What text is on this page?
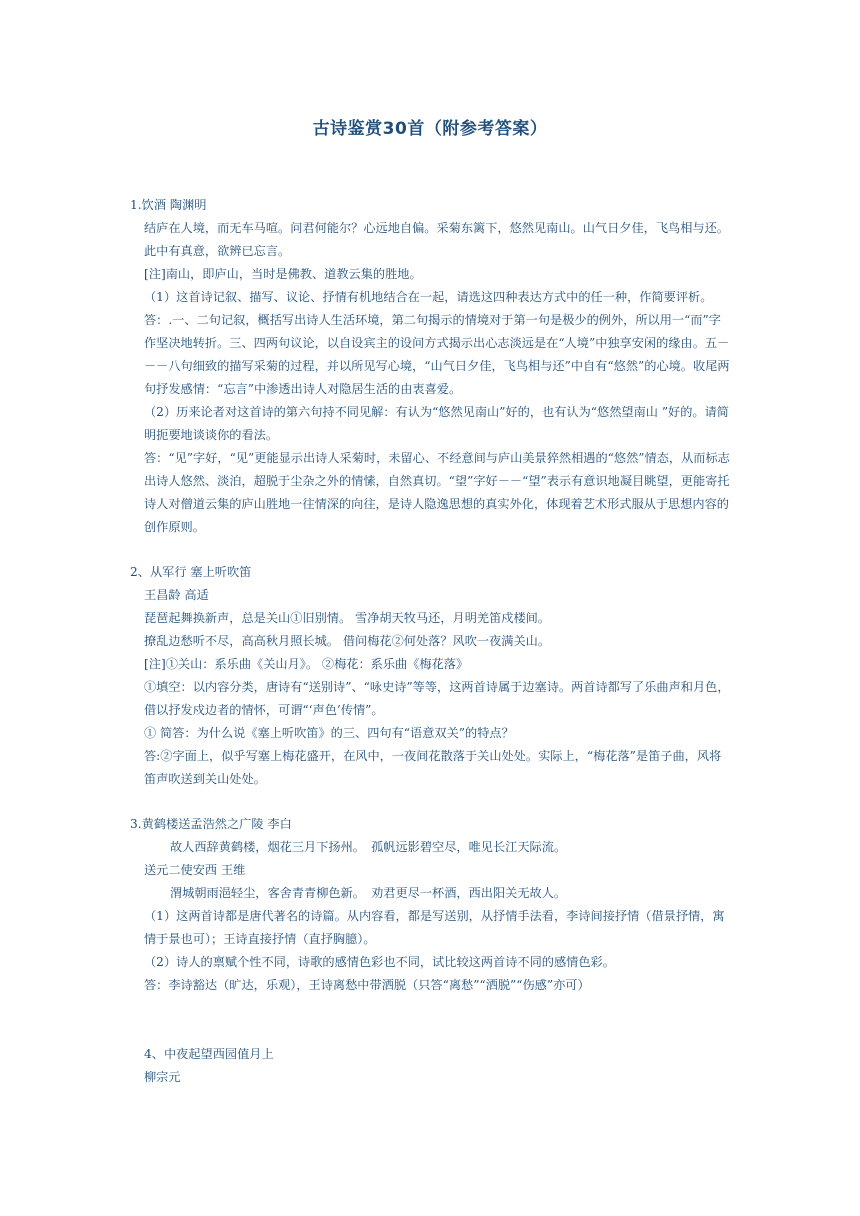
古诗鉴赏30首（附参考答案）

1.饮酒 陶渊明

结庐在人境，而无车马喧。问君何能尔？心远地自偏。采菊东篱下，悠然见南山。山气日夕佳，飞鸟相与还。此中有真意，欲辨已忘言。

[注]南山，即庐山，当时是佛教、道教云集的胜地。

（1）这首诗记叙、描写、议论、抒情有机地结合在一起，请选这四种表达方式中的任一种，作简要评析。

答：.一、二句记叙，概括写出诗人生活环境，第二句揭示的情境对于第一句是极少的例外，所以用一“而”字作坚决地转折。三、四两句议论，以自设宾主的设问方式揭示出心志淡远是在“人境”中独享安闲的缘由。五－－－八句细致的描写采菊的过程，并以所见写心境，“山气日夕佳，飞鸟相与还”中自有“悠然”的心境。收尾两句抒发感情：“忘言”中渗透出诗人对隐居生活的由衷喜爱。

（2）历来论者对这首诗的第六句持不同见解：有认为“悠然见南山”好的，也有认为“悠然望南山 ”好的。请简明扼要地谈谈你的看法。

答：“见”字好，“见”更能显示出诗人采菊时，未留心、不经意间与庐山美景猝然相遇的“悠然”情态，从而标志出诗人悠然、淡泊，超脱于尘杂之外的情愫，自然真切。“望”字好－－“望”表示有意识地凝目眺望，更能寄托诗人对僧道云集的庐山胜地一往情深的向往，是诗人隐逸思想的真实外化，体现着艺术形式服从于思想内容的创作原则。

2、从军行 塞上听吹笛

王昌龄 高适

琵琶起舞换新声，总是关山①旧别情。 雪净胡天牧马还，月明羌笛戍楼间。

撩乱边愁听不尽，高高秋月照长城。 借问梅花②何处落？风吹一夜满关山。

[注]①关山：系乐曲《关山月》。 ②梅花：系乐曲《梅花落》

①填空：以内容分类，唐诗有“送别诗”、“咏史诗”等等，这两首诗属于边塞诗。两首诗都写了乐曲声和月色，借以抒发戍边者的情怀，可谓“‘声色’传情”。

① 简答：为什么说《塞上听吹笛》的三、四句有“语意双关”的特点？

答:②字面上，似乎写塞上梅花盛开，在风中，一夜间花散落于关山处处。实际上，“梅花落”是笛子曲，风将笛声吹送到关山处处。

3.黄鹤楼送孟浩然之广陵 李白

故人西辞黄鹤楼，烟花三月下扬州。　孤帆远影碧空尽，唯见长江天际流。

送元二使安西 王维

渭城朝雨浥轻尘，客舍青青柳色新。　劝君更尽一杯酒，西出阳关无故人。

（1）这两首诗都是唐代著名的诗篇。从内容看，都是写送别，从抒情手法看，李诗间接抒情（借景抒情，寓情于景也可）；王诗直接抒情（直抒胸臆）。

（2）诗人的禀赋个性不同，诗歌的感情色彩也不同，试比较这两首诗不同的感情色彩。

答：李诗豁达（旷达，乐观），王诗离愁中带洒脱（只答“离愁”“洒脱”“伤感”亦可）

4、中夜起望西园值月上

柳宗元
